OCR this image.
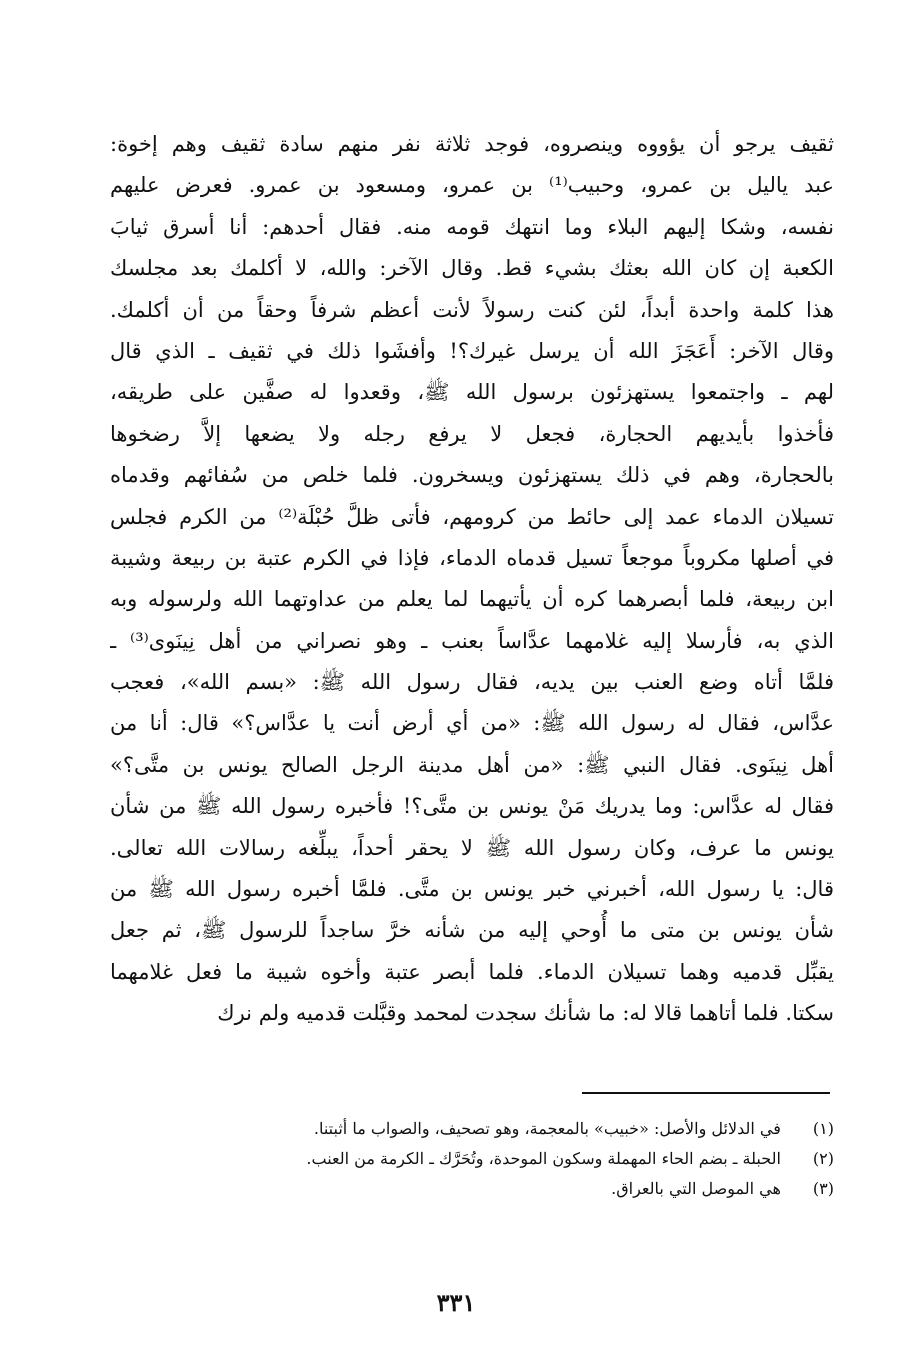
ثقيف يرجو أن يؤووه وينصروه، فوجد ثلاثة نفر منهم سادة ثقيف وهم إخوة:
عبد ياليل بن عمرو، وحبيب⁽¹⁾ بن عمرو، ومسعود بن عمرو. فعرض عليهم
نفسه، وشكا إليهم البلاء وما انتهك قومه منه. فقال أحدهم: أنا أسرق ثيابَ
الكعبة إن كان الله بعثك بشيء قط. وقال الآخر: والله، لا أكلمك بعد مجلسك
هذا كلمة واحدة أبداً، لئن كنت رسولاً لأنت أعظم شرفاً وحقاً من أن أكلمك.
وقال الآخر: أَعَجَزَ الله أن يرسل غيرك؟! وأفشَوا ذلك في ثقيف ـ الذي قال
لهم ـ واجتمعوا يستهزئون برسول الله ﷺ، وقعدوا له صفَّين على طريقه،
فأخذوا بأيديهم الحجارة، فجعل لا يرفع رجله ولا يضعها إلاَّ رضخوها
بالحجارة، وهم في ذلك يستهزئون ويسخرون. فلما خلص من سُفائهم وقدماه
تسيلان الدماء عمد إلى حائط من كرومهم، فأتى ظلَّ حُبْلَة⁽²⁾ من الكرم فجلس
في أصلها مكروباً موجعاً تسيل قدماه الدماء، فإذا في الكرم عتبة بن ربيعة وشيبة
ابن ربيعة، فلما أبصرهما كره أن يأتيهما لما يعلم من عداوتهما الله ولرسوله وبه
الذي به، فأرسلا إليه غلامهما عدَّاساً بعنب ـ وهو نصراني من أهل نِينَوى⁽³⁾ ـ
فلمَّا أتاه وضع العنب بين يديه، فقال رسول الله ﷺ: «بسم الله»، فعجب
عدَّاس، فقال له رسول الله ﷺ: «من أي أرض أنت يا عدَّاس؟» قال: أنا من
أهل نِينَوى. فقال النبي ﷺ: «من أهل مدينة الرجل الصالح يونس بن متَّى؟»
فقال له عدَّاس: وما يدريك مَنْ يونس بن متَّى؟! فأخبره رسول الله ﷺ من شأن
يونس ما عرف، وكان رسول الله ﷺ لا يحقر أحداً، يبلِّغه رسالات الله تعالى.
قال: يا رسول الله، أخبرني خبر يونس بن متَّى. فلمَّا أخبره رسول الله ﷺ من
شأن يونس بن متى ما أُوحي إليه من شأنه خرَّ ساجداً للرسول ﷺ، ثم جعل
يقبِّل قدميه وهما تسيلان الدماء. فلما أبصر عتبة وأخوه شيبة ما فعل غلامهما
سكتا. فلما أتاهما قالا له: ما شأنك سجدت لمحمد وقبَّلت قدميه ولم نرك
(١) في الدلائل والأصل: «خبيب» بالمعجمة، وهو تصحيف، والصواب ما أثبتنا.
(٢) الحبلة ـ بضم الحاء المهملة وسكون الموحدة، وتُحَرَّك ـ الكرمة من العنب.
(٣) هي الموصل التي بالعراق.
٣٣١
